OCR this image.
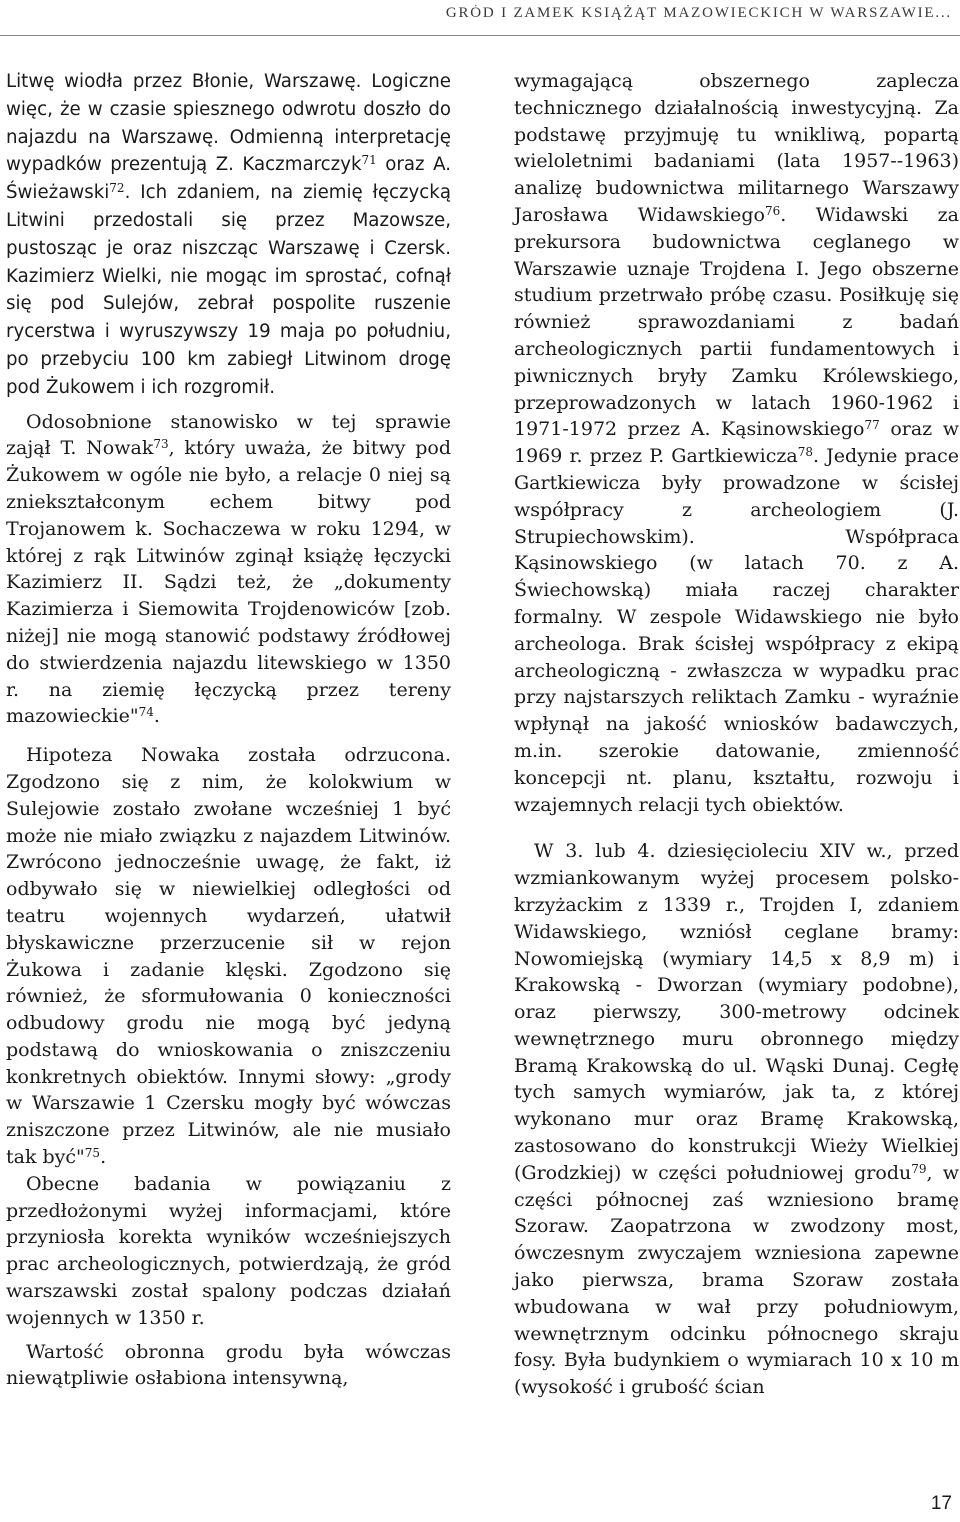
GRÓD I ZAMEK KSIĄŻĄT MAZOWIECKICH W WARSZAWIE...

Litwę wiodła przez Błonie, Warszawę. Logiczne więc, że w czasie spiesznego odwrotu doszło do najazdu na Warszawę. Odmienną interpretację wypadków prezentują Z. Kaczmarczyk$^{71}$ oraz A. Świeżawski$^{72}$. Ich zdaniem, na ziemię łęczycką Litwini przedostali się przez Mazowsze, pustosząc je oraz niszcząc Warszawę i Czersk. Kazimierz Wielki, nie mogąc im sprostać, cofnął się pod Sulejów, zebrał pospolite ruszenie rycerstwa i wyruszywszy 19 maja po południu, po przebyciu 100 km zabiegł Litwinom drogę pod Żukowem i ich rozgromił.

Odosobnione stanowisko w tej sprawie zajął T. Nowak$^{73}$, który uważa, że bitwy pod Żukowem w ogóle nie było, a relacje 0 niej są zniekształconym echem bitwy pod Trojanowem k. Sochaczewa w roku 1294, w której z rąk Litwinów zginął książę łęczycki Kazimierz II. Sądzi też, że „dokumenty Kazimierza i Siemowita Trojdenowiców [zob. niżej] nie mogą stanowić podstawy źródłowej do stwierdzenia najazdu litewskiego w 1350 r. na ziemię łęczycką przez tereny mazowieckie"$^{74}$.

Hipoteza Nowaka została odrzucona. Zgodzono się z nim, że kolokwium w Sulejowie zostało zwołane wcześniej 1 być może nie miało związku z najazdem Litwinów. Zwrócono jednocześnie uwagę, że fakt, iż odbywało się w niewielkiej odległości od teatru wojennych wydarzeń, ułatwił błyskawiczne przerzucenie sił w rejon Żukowa i zadanie klęski. Zgodzono się również, że sformułowania 0 konieczności odbudowy grodu nie mogą być jedyną podstawą do wnioskowania o zniszczeniu konkretnych obiektów. Innymi słowy: „grody w Warszawie 1 Czersku mogły być wówczas zniszczone przez Litwinów, ale nie musiało tak być"$^{75}$.

Obecne badania w powiązaniu z przedłożonymi wyżej informacjami, które przyniosła korekta wyników wcześniejszych prac archeologicznych, potwierdzają, że gród warszawski został spalony podczas działań wojennych w 1350 r.

Wartość obronna grodu była wówczas niewątpliwie osłabiona intensywną,

wymagającą obszernego zaplecza technicznego działalnością inwestycyjną. Za podstawę przyjmuję tu wnikliwą, popartą wieloletnimi badaniami (lata 1957--1963) analizę budownictwa militarnego Warszawy Jarosława Widawskiego$^{76}$. Widawski za prekursora budownictwa ceglanego w Warszawie uznaje Trojdena I. Jego obszerne studium przetrwało próbę czasu. Posiłkuję się również sprawozdaniami z badań archeologicznych partii fundamentowych i piwnicznych bryły Zamku Królewskiego, przeprowadzonych w latach 1960-1962 i 1971-1972 przez A. Kąsinowskiego$^{77}$ oraz w 1969 r. przez P. Gartkiewicza$^{78}$. Jedynie prace Gartkiewicza były prowadzone w ścisłej współpracy z archeologiem (J. Strupiechowskim). Współpraca Kąsinowskiego (w latach 70. z A. Świechowską) miała raczej charakter formalny. W zespole Widawskiego nie było archeologa. Brak ścisłej współpracy z ekipą archeologiczną - zwłaszcza w wypadku prac przy najstarszych reliktach Zamku - wyraźnie wpłynął na jakość wniosków badawczych, m.in. szerokie datowanie, zmienność koncepcji nt. planu, kształtu, rozwoju i wzajemnych relacji tych obiektów.

W 3. lub 4. dziesięcioleciu XIV w., przed wzmiankowanym wyżej procesem polsko-krzyżackim z 1339 r., Trojden I, zdaniem Widawskiego, wzniósł ceglane bramy: Nowomiejską (wymiary 14,5 x 8,9 m) i Krakowską - Dworzan (wymiary podobne), oraz pierwszy, 300-metrowy odcinek wewnętrznego muru obronnego między Bramą Krakowską do ul. Wąski Dunaj. Cegłę tych samych wymiarów, jak ta, z której wykonano mur oraz Bramę Krakowską, zastosowano do konstrukcji Wieży Wielkiej (Grodzkiej) w części południowej grodu$^{79}$, w części północnej zaś wzniesiono bramę Szoraw. Zaopatrzona w zwodzony most, ówczesnym zwyczajem wzniesiona zapewne jako pierwsza, brama Szoraw została wbudowana w wał przy południowym, wewnętrznym odcinku północnego skraju fosy. Była budynkiem o wymiarach 10 x 10 m (wysokość i grubość ścian

17
